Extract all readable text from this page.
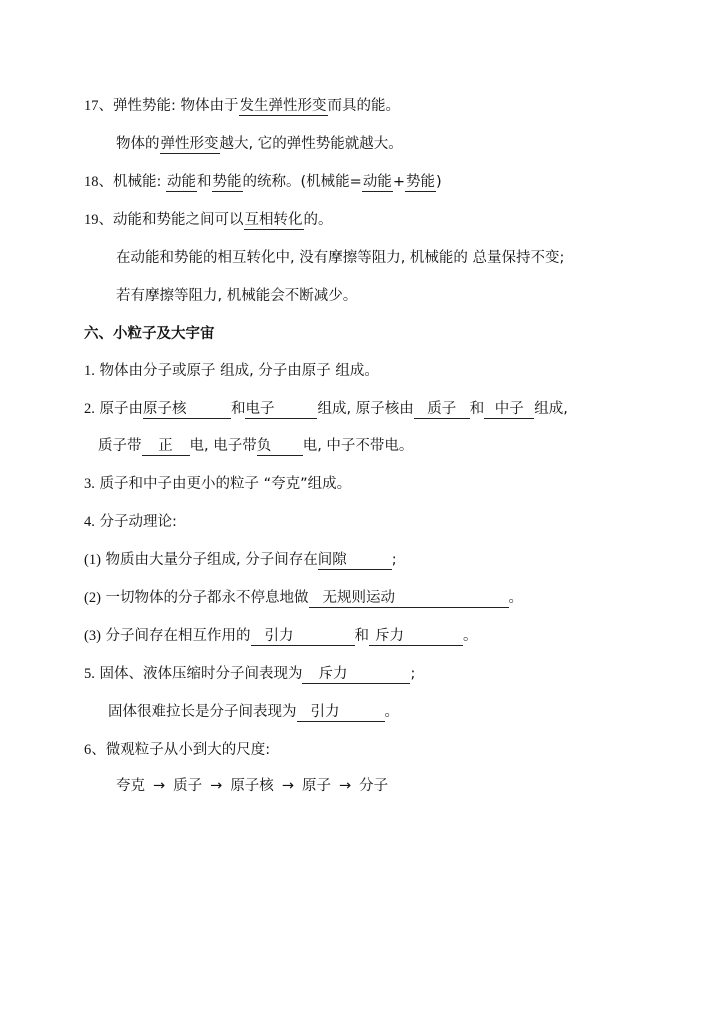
17、弹性势能: 物体由于发生弹性形变而具的能。
物体的弹性形变越大, 它的弹性势能就越大。
18、机械能: 动能和势能的统称。(机械能=动能+势能)
19、动能和势能之间可以互相转化的。
在动能和势能的相互转化中, 没有摩擦等阻力, 机械能的 总量保持不变;
若有摩擦等阻力, 机械能会不断减少。
六、小粒子及大宇宙
1. 物体由分子或原子 组成, 分子由原子 组成。
2. 原子由原子核	和电子	组成, 原子核由 质子 和 中子 组成,
质子带 正 电, 电子带负 电, 中子不带电。
3. 质子和中子由更小的粒子 “夸克”组成。
4. 分子动理论:
(1) 物质由大量分子组成, 分子间存在间隙	;
(2) 一切物体的分子都永不停息地做 无规则运动	。
(3) 分子间存在相互作用的 引力	和 斥力	。
5. 固体、液体压缩时分子间表现为 斥力	;
固体很难拉长是分子间表现为 引力	。
6、微观粒子从小到大的尺度:
夸克 → 质子 → 原子核 → 原子 → 分子
